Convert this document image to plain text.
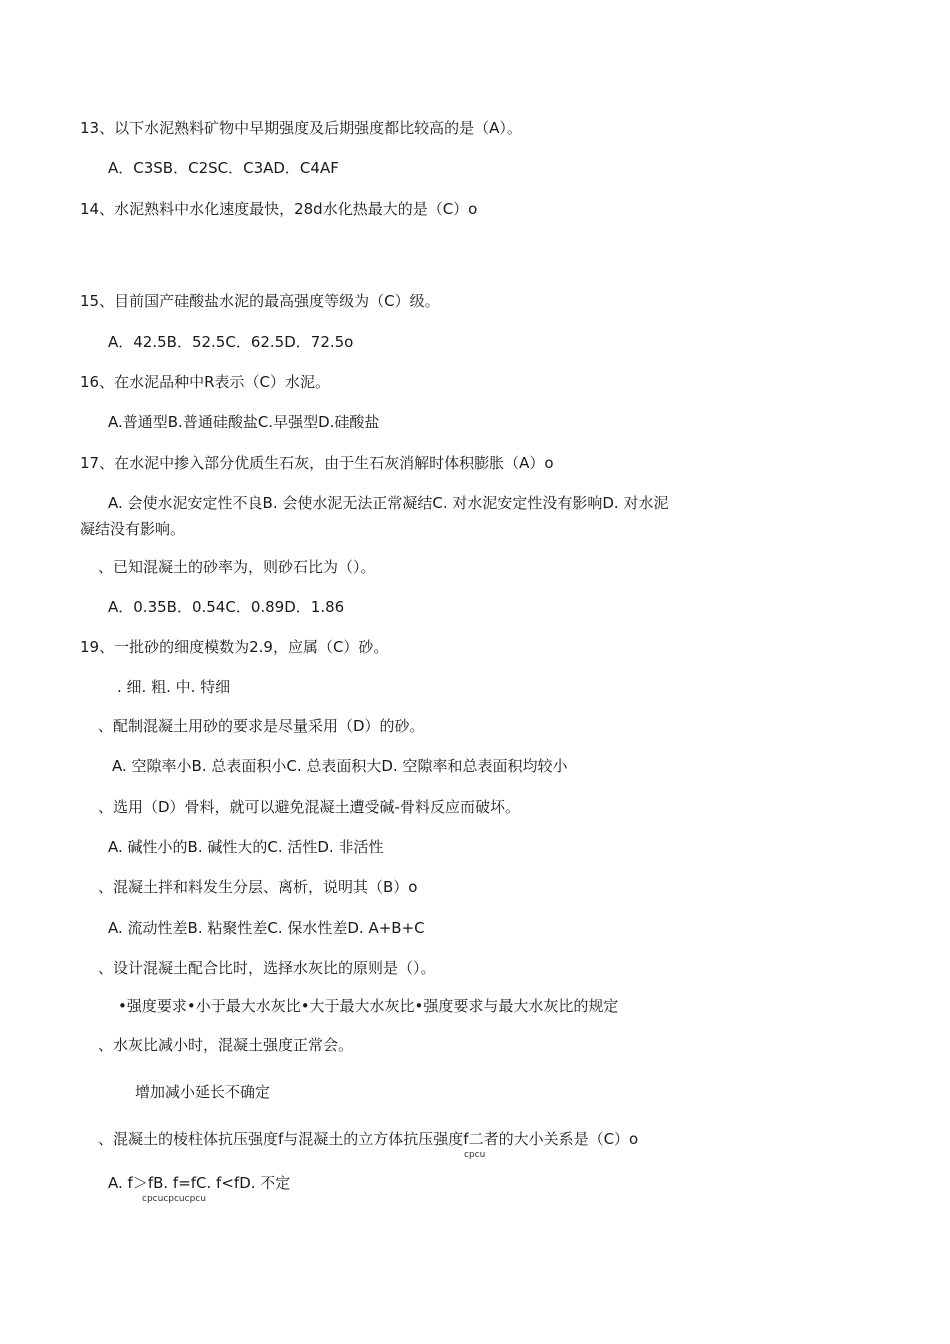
13、以下水泥熟料矿物中早期强度及后期强度都比较高的是（A）。
A．C3SB．C2SC．C3AD．C4AF
14、水泥熟料中水化速度最快，28d水化热最大的是（C）o
15、目前国产硅酸盐水泥的最高强度等级为（C）级。
A．42.5B．52.5C．62.5D．72.5o
16、在水泥品种中R表示（C）水泥。
A.普通型B.普通硅酸盐C.早强型D.硅酸盐
17、在水泥中掺入部分优质生石灰，由于生石灰消解时体积膨胀（A）o
A. 会使水泥安定性不良B. 会使水泥无法正常凝结C. 对水泥安定性没有影响D. 对水泥
凝结没有影响。
、已知混凝土的砂率为，则砂石比为（）。
A．0.35B．0.54C．0.89D．1.86
19、一批砂的细度模数为2.9，应属（C）砂。
. 细. 粗. 中. 特细
、配制混凝土用砂的要求是尽量采用（D）的砂。
A. 空隙率小B. 总表面积小C. 总表面积大D. 空隙率和总表面积均较小
、选用（D）骨料，就可以避免混凝土遭受碱-骨料反应而破坏。
A. 碱性小的B. 碱性大的C. 活性D. 非活性
、混凝土拌和料发生分层、离析，说明其（B）o
A. 流动性差B. 粘聚性差C. 保水性差D. A+B+C
、设计混凝土配合比时，选择水灰比的原则是（）。
•强度要求•小于最大水灰比•大于最大水灰比•强度要求与最大水灰比的规定
、水灰比减小时，混凝土强度正常会。
增加减小延长不确定
、混凝土的棱柱体抗压强度f与混凝土的立方体抗压强度f二者的大小关系是（C）o
cpcu
A. f＞fB. f=fC. f<fD. 不定
cpcucpcucpcu
